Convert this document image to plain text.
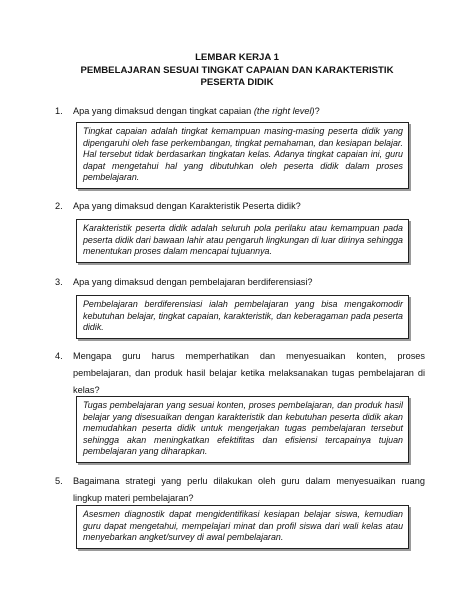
LEMBAR KERJA 1

PEMBELAJARAN SESUAI TINGKAT CAPAIAN DAN KARAKTERISTIK PESERTA DIDIK

1. Apa yang dimaksud dengan tingkat capaian (the right level)?
Tingkat capaian adalah tingkat kemampuan masing-masing peserta didik yang dipengaruhi oleh fase perkembangan, tingkat pemahaman, dan kesiapan belajar. Hal tersebut tidak berdasarkan tingkatan kelas. Adanya tingkat capaian ini, guru dapat mengetahui hal yang dibutuhkan oleh peserta didik dalam proses pembelajaran.
2. Apa yang dimaksud dengan Karakteristik Peserta didik?
Karakteristik peserta didik adalah seluruh pola perilaku atau kemampuan pada peserta didik dari bawaan lahir atau pengaruh lingkungan di luar dirinya sehingga menentukan proses dalam mencapai tujuannya.
3. Apa yang dimaksud dengan pembelajaran berdiferensiasi?
Pembelajaran berdiferensiasi ialah pembelajaran yang bisa mengakomodir kebutuhan belajar, tingkat capaian, karakteristik, dan keberagaman pada peserta didik.
4. Mengapa guru harus memperhatikan dan menyesuaikan konten, proses pembelajaran, dan produk hasil belajar ketika melaksanakan tugas pembelajaran di kelas?
Tugas pembelajaran yang sesuai konten, proses pembelajaran, dan produk hasil belajar yang disesuaikan dengan karakteristik dan kebutuhan peserta didik akan memudahkan peserta didik untuk mengerjakan tugas pembelajaran tersebut sehingga akan meningkatkan efektifitas dan efisiensi tercapainya tujuan pembelajaran yang diharapkan.
5. Bagaimana strategi yang perlu dilakukan oleh guru dalam menyesuaikan ruang lingkup materi pembelajaran?
Asesmen diagnostik dapat mengidentifikasi kesiapan belajar siswa, kemudian guru dapat mengetahui, mempelajari minat dan profil siswa dari wali kelas atau menyebarkan angket/survey di awal pembelajaran.
